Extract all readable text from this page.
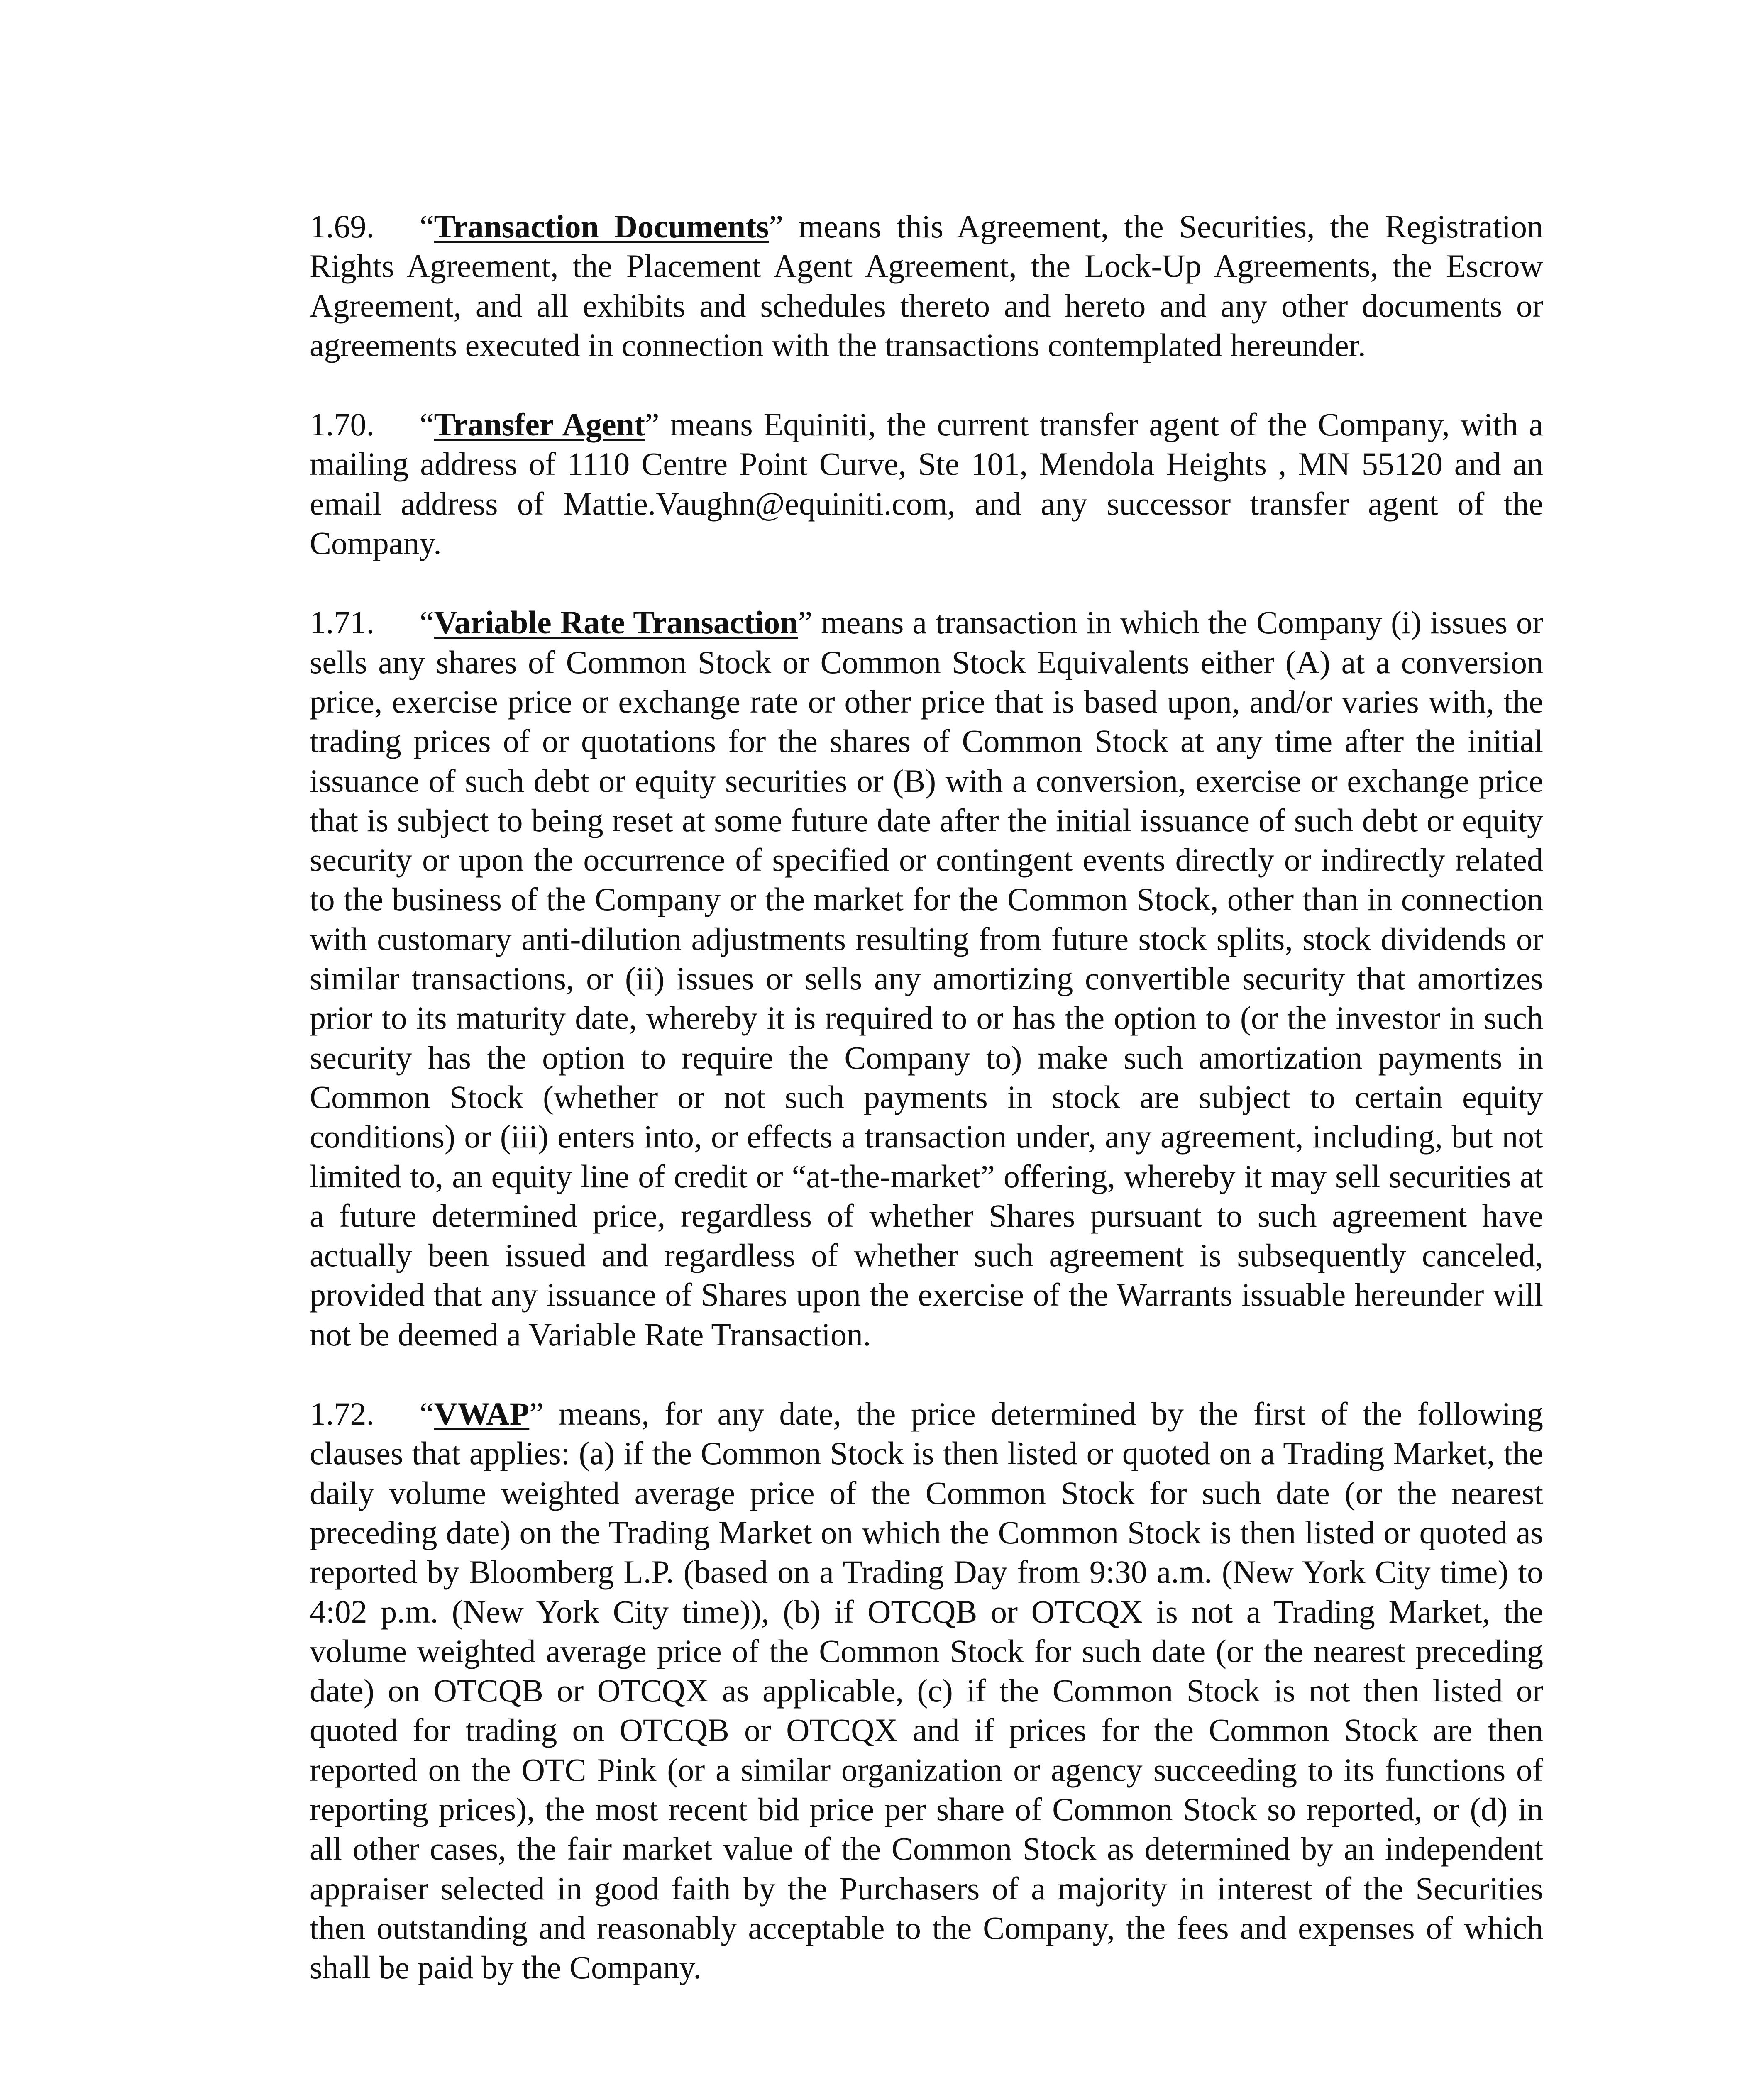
1.69. “Transaction Documents” means this Agreement, the Securities, the Registration Rights Agreement, the Placement Agent Agreement, the Lock-Up Agreements, the Escrow Agreement, and all exhibits and schedules thereto and hereto and any other documents or agreements executed in connection with the transactions contemplated hereunder.

1.70. “Transfer Agent” means Equiniti, the current transfer agent of the Company, with a mailing address of 1110 Centre Point Curve, Ste 101, Mendola Heights , MN 55120 and an email address of Mattie.Vaughn@equiniti.com, and any successor transfer agent of the Company.

1.71. “Variable Rate Transaction” means a transaction in which the Company (i) issues or sells any shares of Common Stock or Common Stock Equivalents either (A) at a conversion price, exercise price or exchange rate or other price that is based upon, and/or varies with, the trading prices of or quotations for the shares of Common Stock at any time after the initial issuance of such debt or equity securities or (B) with a conversion, exercise or exchange price that is subject to being reset at some future date after the initial issuance of such debt or equity security or upon the occurrence of specified or contingent events directly or indirectly related to the business of the Company or the market for the Common Stock, other than in connection with customary anti-dilution adjustments resulting from future stock splits, stock dividends or similar transactions, or (ii) issues or sells any amortizing convertible security that amortizes prior to its maturity date, whereby it is required to or has the option to (or the investor in such security has the option to require the Company to) make such amortization payments in Common Stock (whether or not such payments in stock are subject to certain equity conditions) or (iii) enters into, or effects a transaction under, any agreement, including, but not limited to, an equity line of credit or “at-the-market” offering, whereby it may sell securities at a future determined price, regardless of whether Shares pursuant to such agreement have actually been issued and regardless of whether such agreement is subsequently canceled, provided that any issuance of Shares upon the exercise of the Warrants issuable hereunder will not be deemed a Variable Rate Transaction.

1.72. “VWAP” means, for any date, the price determined by the first of the following clauses that applies: (a) if the Common Stock is then listed or quoted on a Trading Market, the daily volume weighted average price of the Common Stock for such date (or the nearest preceding date) on the Trading Market on which the Common Stock is then listed or quoted as reported by Bloomberg L.P. (based on a Trading Day from 9:30 a.m. (New York City time) to 4:02 p.m. (New York City time)), (b) if OTCQB or OTCQX is not a Trading Market, the volume weighted average price of the Common Stock for such date (or the nearest preceding date) on OTCQB or OTCQX as applicable, (c) if the Common Stock is not then listed or quoted for trading on OTCQB or OTCQX and if prices for the Common Stock are then reported on the OTC Pink (or a similar organization or agency succeeding to its functions of reporting prices), the most recent bid price per share of Common Stock so reported, or (d) in all other cases, the fair market value of the Common Stock as determined by an independent appraiser selected in good faith by the Purchasers of a majority in interest of the Securities then outstanding and reasonably acceptable to the Company, the fees and expenses of which shall be paid by the Company.
